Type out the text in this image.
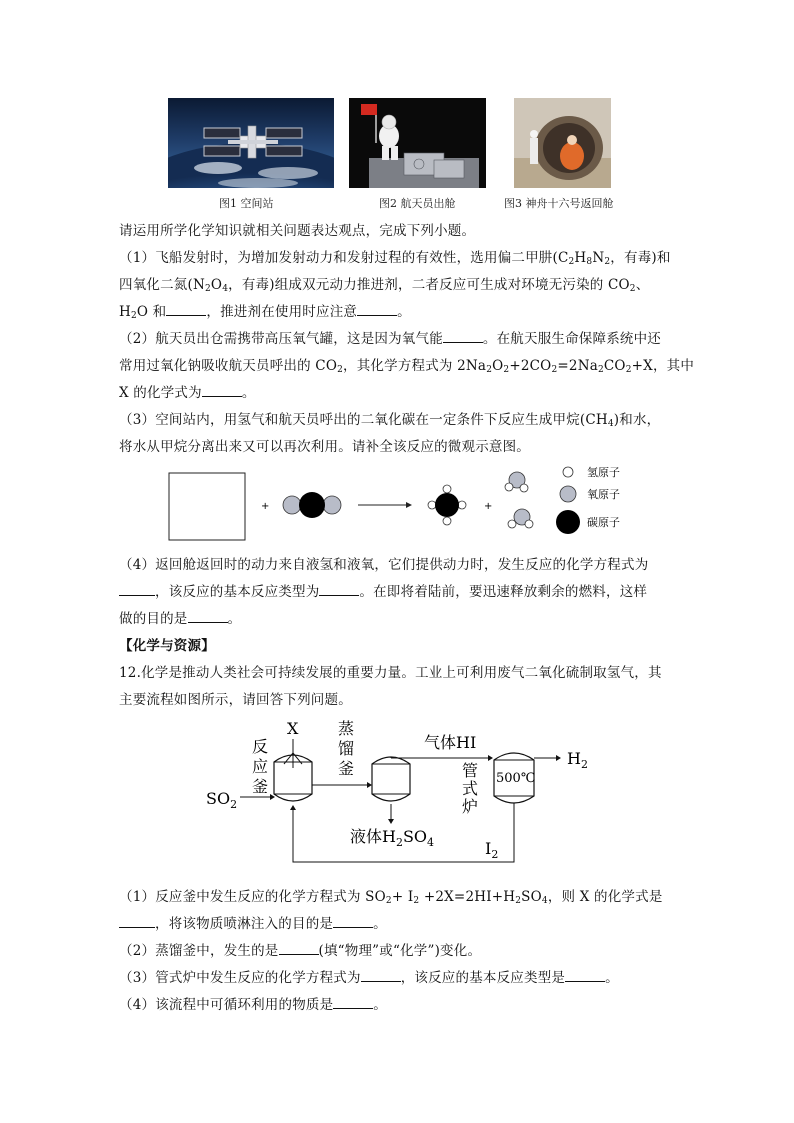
图1 空间站	图2 航天员出舱	图3 神舟十六号返回舱
请运用所学化学知识就相关问题表达观点，完成下列小题。
（1）飞船发射时，为增加发射动力和发射过程的有效性，选用偏二甲肼($C_2H_8N_2$，有毒)和
四氧化二氮($N_2O_4$，有毒)组成双元动力推进剂，二者反应可生成对环境无污染的 $CO_2$、
$H_2O$ 和	，推进剂在使用时应注意	。
（2）航天员出仓需携带高压氧气罐，这是因为氧气能	。在航天服生命保障系统中还
常用过氧化钠吸收航天员呼出的 $CO_2$，其化学方程式为 $2Na_2O_2+2CO_2=2Na_2CO_2+X$，其中
X 的化学式为	。
（3）空间站内，用氢气和航天员呼出的二氧化碳在一定条件下反应生成甲烷$(CH_4)$和水，
将水从甲烷分离出来又可以再次利用。请补全该反应的微观示意图。
+	+
氢原子
氧原子
碳原子
（4）返回舱返回时的动力来自液氢和液氧，它们提供动力时，发生反应的化学方程式为
，该反应的基本反应类型为	。在即将着陆前，要迅速释放剩余的燃料，这样
做的目的是	。
【化学与资源】
12.化学是推动人类社会可持续发展的重要力量。工业上可利用废气二氧化硫制取氢气，其
主要流程如图所示，请回答下列问题。
反
应
釜
X
$SO_2$
蒸
馏
釜
气体HI
管
式
炉
500℃
$H_2$
液体$H_2SO_4$	$I_2$
（1）反应釜中发生反应的化学方程式为 $SO_2+ I_2 +2X=2HI+H_2SO_4$，则 X 的化学式是
，将该物质喷淋注入的目的是	。
（2）蒸馏釜中，发生的是	(填“物理”或“化学”)变化。
（3）管式炉中发生反应的化学方程式为	，该反应的基本反应类型是	。
（4）该流程中可循环利用的物质是	。
